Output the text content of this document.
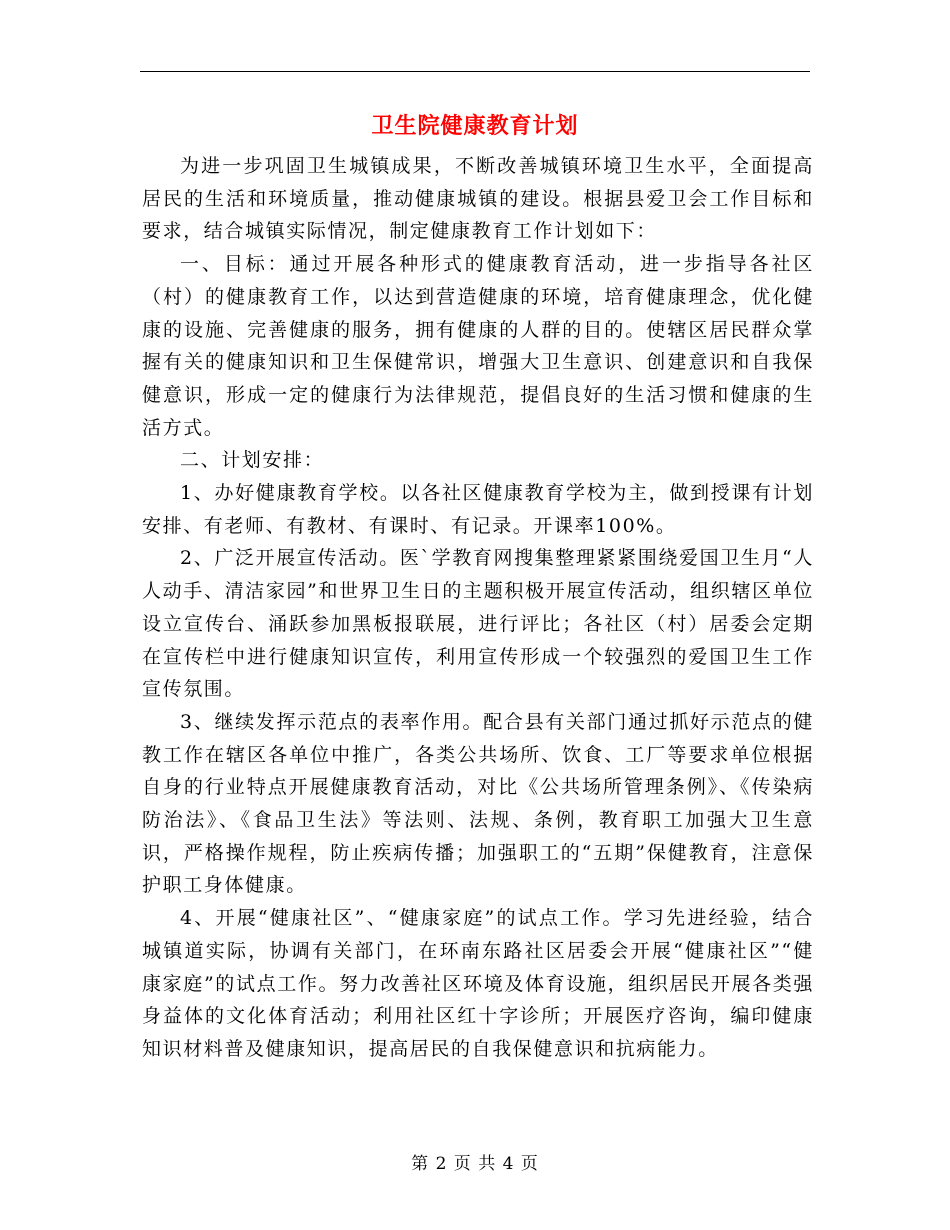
卫生院健康教育计划

为进一步巩固卫生城镇成果，不断改善城镇环境卫生水平，全面提高居民的生活和环境质量，推动健康城镇的建设。根据县爱卫会工作目标和要求，结合城镇实际情况，制定健康教育工作计划如下：

一、目标：通过开展各种形式的健康教育活动，进一步指导各社区（村）的健康教育工作，以达到营造健康的环境，培育健康理念，优化健康的设施、完善健康的服务，拥有健康的人群的目的。使辖区居民群众掌握有关的健康知识和卫生保健常识，增强大卫生意识、创建意识和自我保健意识，形成一定的健康行为法律规范，提倡良好的生活习惯和健康的生活方式。

二、计划安排：

1、办好健康教育学校。以各社区健康教育学校为主，做到授课有计划安排、有老师、有教材、有课时、有记录。开课率100%。

2、广泛开展宣传活动。医`学教育网搜集整理紧紧围绕爱国卫生月“人人动手、清洁家园”和世界卫生日的主题积极开展宣传活动，组织辖区单位设立宣传台、涌跃参加黑板报联展，进行评比；各社区（村）居委会定期在宣传栏中进行健康知识宣传，利用宣传形成一个较强烈的爱国卫生工作宣传氛围。

3、继续发挥示范点的表率作用。配合县有关部门通过抓好示范点的健教工作在辖区各单位中推广，各类公共场所、饮食、工厂等要求单位根据自身的行业特点开展健康教育活动，对比《公共场所管理条例》、《传染病防治法》、《食品卫生法》等法则、法规、条例，教育职工加强大卫生意识，严格操作规程，防止疾病传播；加强职工的“五期”保健教育，注意保护职工身体健康。

4、开展“健康社区”、“健康家庭”的试点工作。学习先进经验，结合城镇道实际，协调有关部门，在环南东路社区居委会开展“健康社区”“健康家庭”的试点工作。努力改善社区环境及体育设施，组织居民开展各类强身益体的文化体育活动；利用社区红十字诊所；开展医疗咨询，编印健康知识材料普及健康知识，提高居民的自我保健意识和抗病能力。

第 2 页 共 4 页
